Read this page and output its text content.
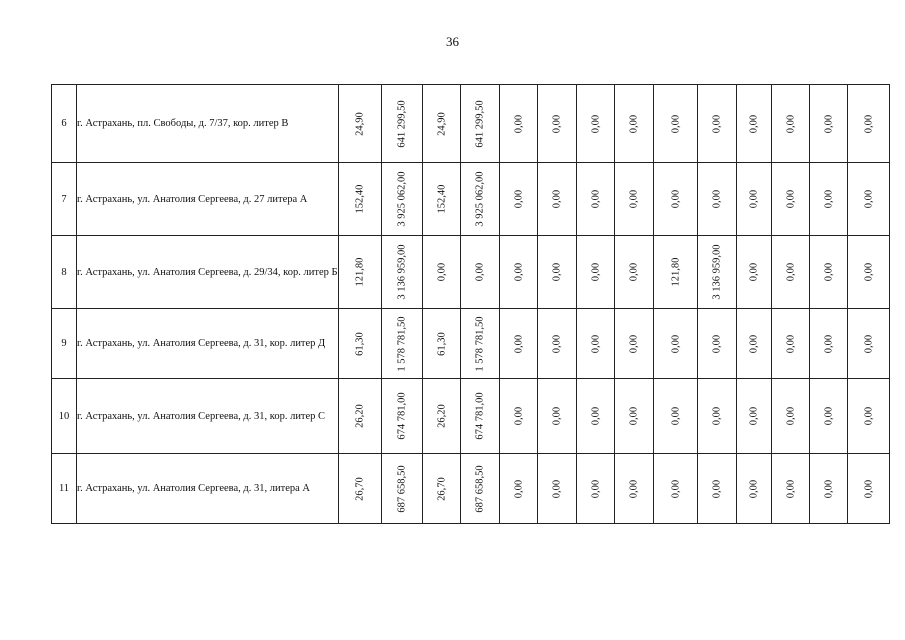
36
6	г. Астрахань, пл. Свободы, д. 7/37, кор. литер В	24,90	641 299,50	24,90	641 299,50	0,00	0,00	0,00	0,00	0,00	0,00	0,00	0,00	0,00	0,00

7	г. Астрахань, ул. Анатолия Сергеева, д. 27 литера А	152,40	3 925 062,00	152,40	3 925 062,00	0,00	0,00	0,00	0,00	0,00	0,00	0,00	0,00	0,00	0,00

8	г. Астрахань, ул. Анатолия Сергеева, д. 29/34, кор. литер Б	121,80	3 136 959,00	0,00	0,00	0,00	0,00	0,00	0,00	121,80	3 136 959,00	0,00	0,00	0,00	0,00

9	г. Астрахань, ул. Анатолия Сергеева, д. 31, кор. литер Д	61,30	1 578 781,50	61,30	1 578 781,50	0,00	0,00	0,00	0,00	0,00	0,00	0,00	0,00	0,00	0,00

10	г. Астрахань, ул. Анатолия Сергеева, д. 31, кор. литер С	26,20	674 781,00	26,20	674 781,00	0,00	0,00	0,00	0,00	0,00	0,00	0,00	0,00	0,00	0,00

11	г. Астрахань, ул. Анатолия Сергеева, д. 31, литера А	26,70	687 658,50	26,70	687 658,50	0,00	0,00	0,00	0,00	0,00	0,00	0,00	0,00	0,00	0,00
